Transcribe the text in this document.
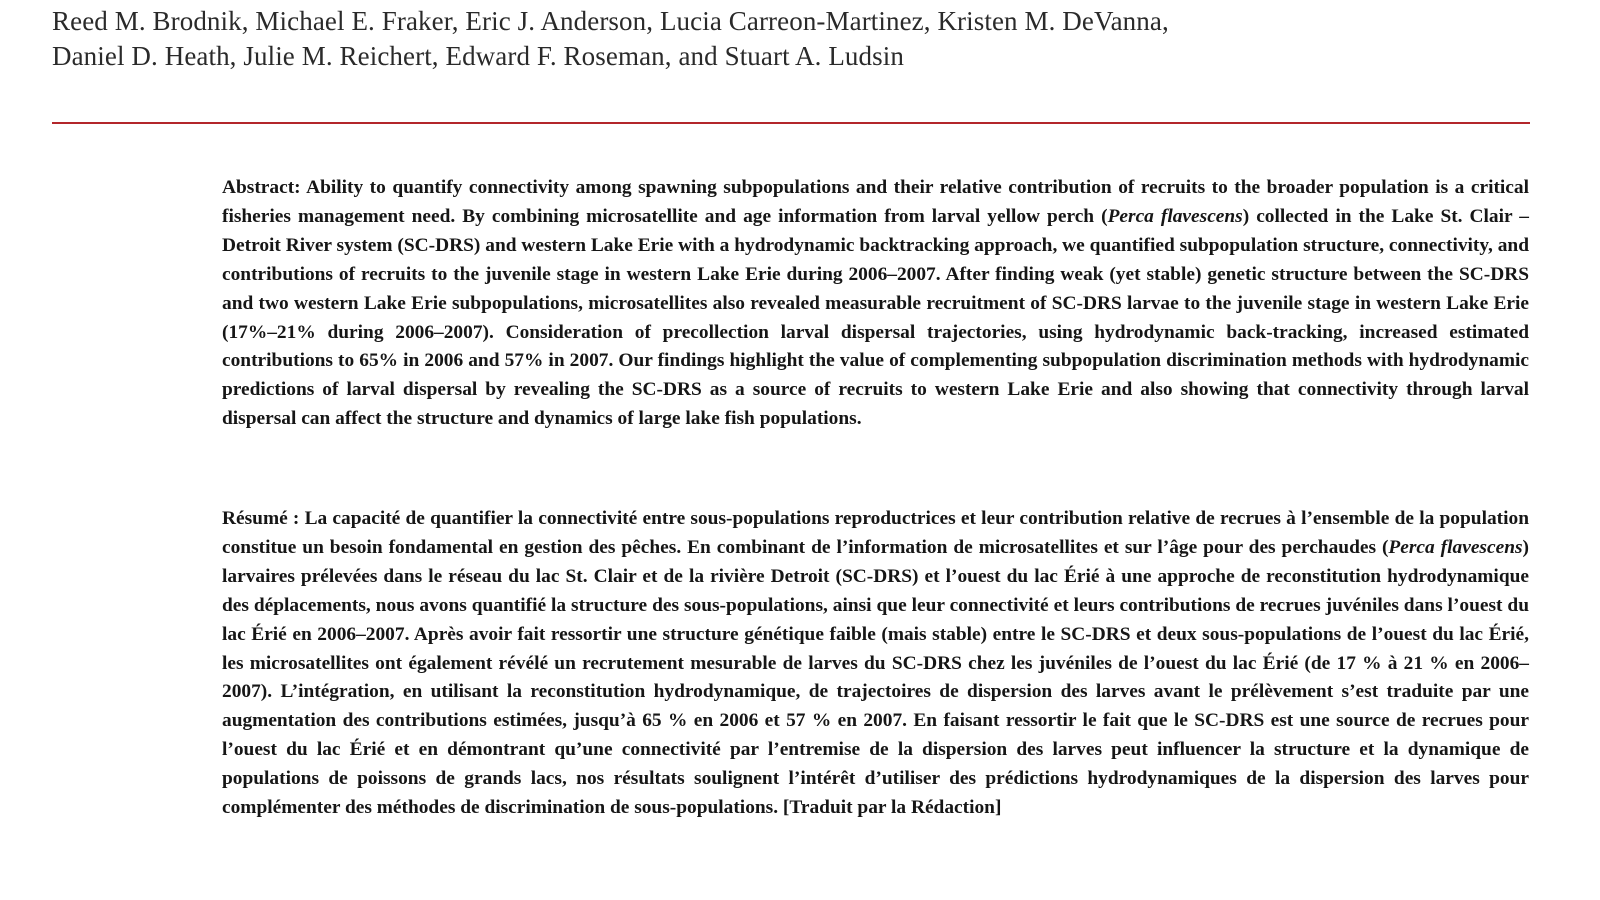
Reed M. Brodnik, Michael E. Fraker, Eric J. Anderson, Lucia Carreon-Martinez, Kristen M. DeVanna,
Daniel D. Heath, Julie M. Reichert, Edward F. Roseman, and Stuart A. Ludsin
Abstract: Ability to quantify connectivity among spawning subpopulations and their relative contribution of recruits to the broader population is a critical fisheries management need. By combining microsatellite and age information from larval yellow perch (Perca flavescens) collected in the Lake St. Clair – Detroit River system (SC-DRS) and western Lake Erie with a hydrodynamic backtracking approach, we quantified subpopulation structure, connectivity, and contributions of recruits to the juvenile stage in western Lake Erie during 2006–2007. After finding weak (yet stable) genetic structure between the SC-DRS and two western Lake Erie subpopulations, microsatellites also revealed measurable recruitment of SC-DRS larvae to the juvenile stage in western Lake Erie (17%–21% during 2006–2007). Consideration of precollection larval dispersal trajectories, using hydrodynamic back-tracking, increased estimated contributions to 65% in 2006 and 57% in 2007. Our findings highlight the value of complementing subpopulation discrimination methods with hydrodynamic predictions of larval dispersal by revealing the SC-DRS as a source of recruits to western Lake Erie and also showing that connectivity through larval dispersal can affect the structure and dynamics of large lake fish populations.
Résumé : La capacité de quantifier la connectivité entre sous-populations reproductrices et leur contribution relative de recrues à l’ensemble de la population constitue un besoin fondamental en gestion des pêches. En combinant de l’information de microsatellites et sur l’âge pour des perchaudes (Perca flavescens) larvaires prélevées dans le réseau du lac St. Clair et de la rivière Detroit (SC-DRS) et l’ouest du lac Érié à une approche de reconstitution hydrodynamique des déplacements, nous avons quantifié la structure des sous-populations, ainsi que leur connectivité et leurs contributions de recrues juvéniles dans l’ouest du lac Érié en 2006–2007. Après avoir fait ressortir une structure génétique faible (mais stable) entre le SC-DRS et deux sous-populations de l’ouest du lac Érié, les microsatellites ont également révélé un recrutement mesurable de larves du SC-DRS chez les juvéniles de l’ouest du lac Érié (de 17 % à 21 % en 2006–2007). L’intégration, en utilisant la reconstitution hydrodynamique, de trajectoires de dispersion des larves avant le prélèvement s’est traduite par une augmentation des contributions estimées, jusqu’à 65 % en 2006 et 57 % en 2007. En faisant ressortir le fait que le SC-DRS est une source de recrues pour l’ouest du lac Érié et en démontrant qu’une connectivité par l’entremise de la dispersion des larves peut influencer la structure et la dynamique de populations de poissons de grands lacs, nos résultats soulignent l’intérêt d’utiliser des prédictions hydrodynamiques de la dispersion des larves pour complémenter des méthodes de discrimination de sous-populations. [Traduit par la Rédaction]
